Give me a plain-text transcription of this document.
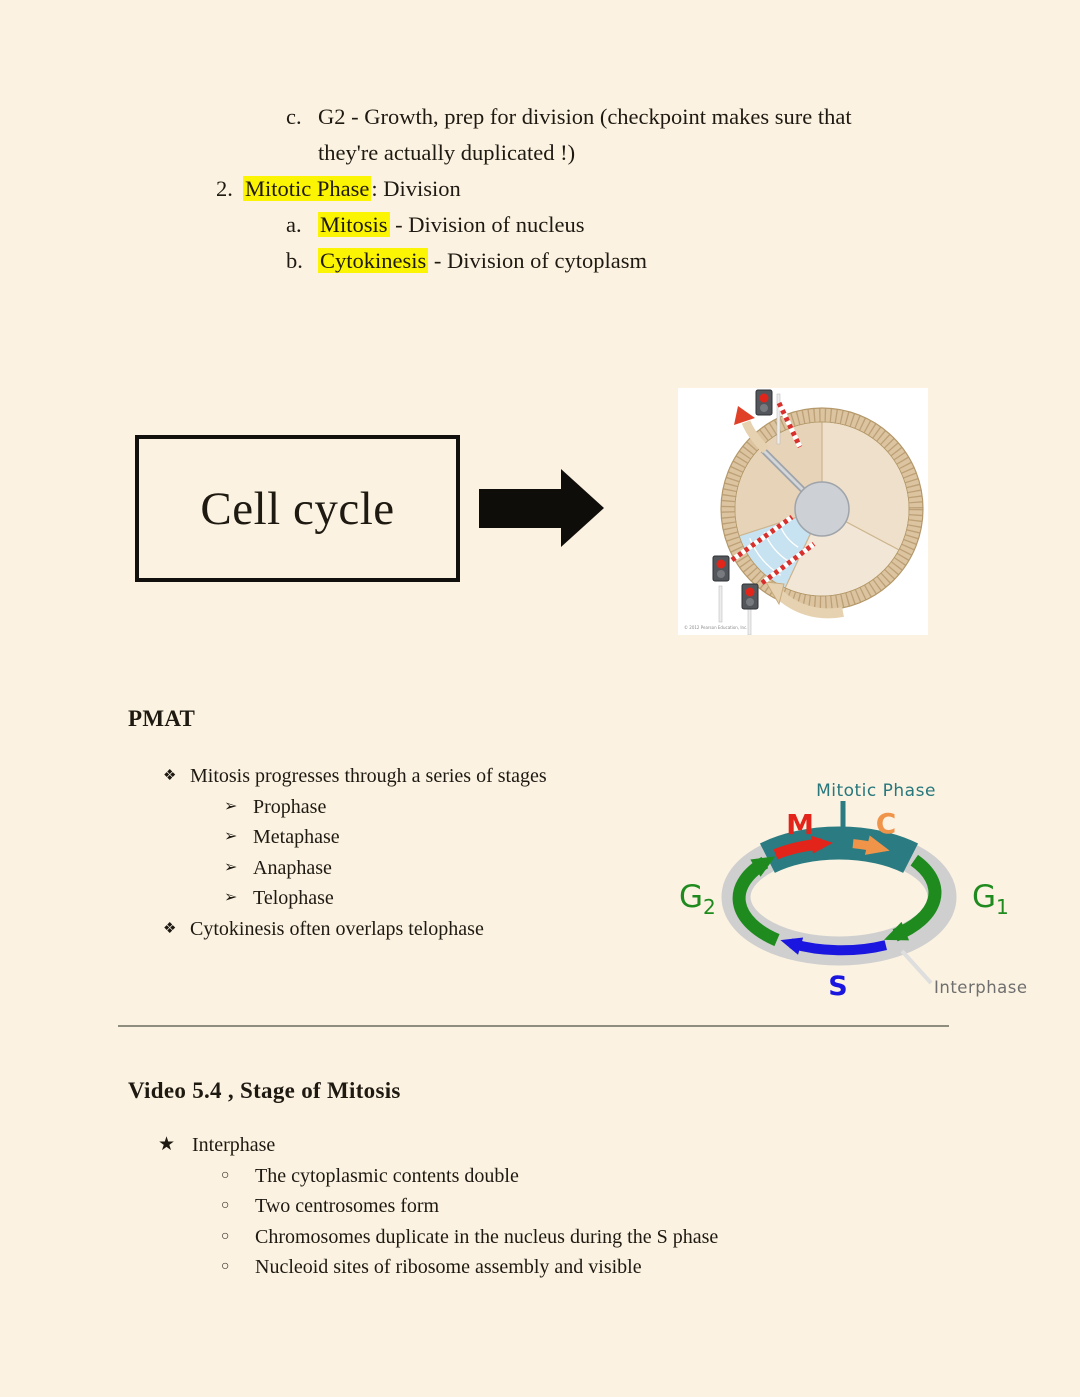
c. G2 - Growth, prep for division (checkpoint makes sure that
they're actually duplicated !)
2. Mitotic Phase: Division
a. Mitosis - Division of nucleus
b. Cytokinesis - Division of cytoplasm
Cell cycle
© 2012 Pearson Education, Inc.
PMAT
❖ Mitosis progresses through a series of stages
➢ Prophase
➢ Metaphase
➢ Anaphase
➢ Telophase
❖ Cytokinesis often overlaps telophase
Mitotic Phase
M C
$G_2$	$G_1$
S	Interphase
Video 5.4 , Stage of Mitosis
★ Interphase
○ The cytoplasmic contents double
○ Two centrosomes form
○ Chromosomes duplicate in the nucleus during the S phase
○ Nucleoid sites of ribosome assembly and visible
